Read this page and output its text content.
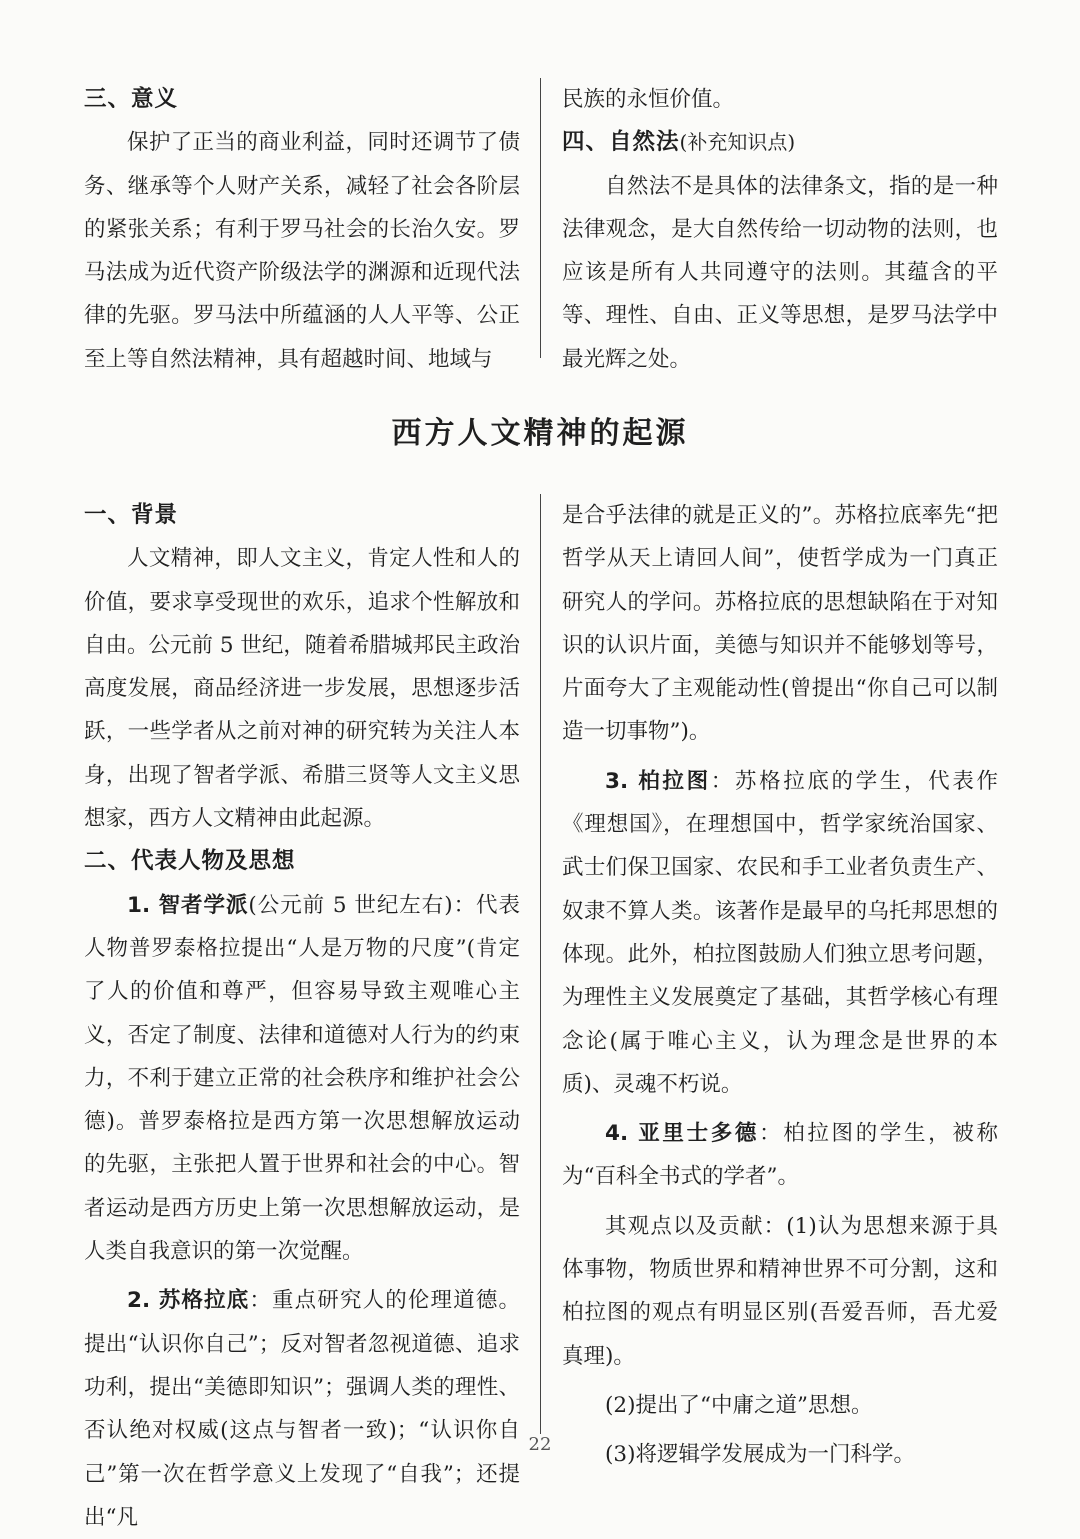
三、意义

保护了正当的商业利益，同时还调节了债务、继承等个人财产关系，减轻了社会各阶层的紧张关系；有利于罗马社会的长治久安。罗马法成为近代资产阶级法学的渊源和近现代法律的先驱。罗马法中所蕴涵的人人平等、公正至上等自然法精神，具有超越时间、地域与

民族的永恒价值。

四、自然法(补充知识点)

自然法不是具体的法律条文，指的是一种法律观念，是大自然传给一切动物的法则，也应该是所有人共同遵守的法则。其蕴含的平等、理性、自由、正义等思想，是罗马法学中最光辉之处。

西方人文精神的起源
一、背景

人文精神，即人文主义，肯定人性和人的价值，要求享受现世的欢乐，追求个性解放和自由。公元前 5 世纪，随着希腊城邦民主政治高度发展，商品经济进一步发展，思想逐步活跃，一些学者从之前对神的研究转为关注人本身，出现了智者学派、希腊三贤等人文主义思想家，西方人文精神由此起源。

二、代表人物及思想

1. 智者学派(公元前 5 世纪左右)：代表人物普罗泰格拉提出“人是万物的尺度”(肯定了人的价值和尊严，但容易导致主观唯心主义，否定了制度、法律和道德对人行为的约束力，不利于建立正常的社会秩序和维护社会公德)。普罗泰格拉是西方第一次思想解放运动的先驱，主张把人置于世界和社会的中心。智者运动是西方历史上第一次思想解放运动，是人类自我意识的第一次觉醒。

2. 苏格拉底：重点研究人的伦理道德。提出“认识你自己”；反对智者忽视道德、追求功利，提出“美德即知识”；强调人类的理性、否认绝对权威(这点与智者一致)；“认识你自己”第一次在哲学意义上发现了“自我”；还提出“凡

是合乎法律的就是正义的”。苏格拉底率先“把哲学从天上请回人间”，使哲学成为一门真正研究人的学问。苏格拉底的思想缺陷在于对知识的认识片面，美德与知识并不能够划等号，片面夸大了主观能动性(曾提出“你自己可以制造一切事物”)。

3. 柏拉图：苏格拉底的学生，代表作《理想国》，在理想国中，哲学家统治国家、武士们保卫国家、农民和手工业者负责生产、奴隶不算人类。该著作是最早的乌托邦思想的体现。此外，柏拉图鼓励人们独立思考问题，为理性主义发展奠定了基础，其哲学核心有理念论(属于唯心主义，认为理念是世界的本质)、灵魂不朽说。

4. 亚里士多德：柏拉图的学生，被称为“百科全书式的学者”。

其观点以及贡献：(1)认为思想来源于具体事物，物质世界和精神世界不可分割，这和柏拉图的观点有明显区别(吾爱吾师，吾尤爱真理)。

(2)提出了“中庸之道”思想。

(3)将逻辑学发展成为一门科学。

22
